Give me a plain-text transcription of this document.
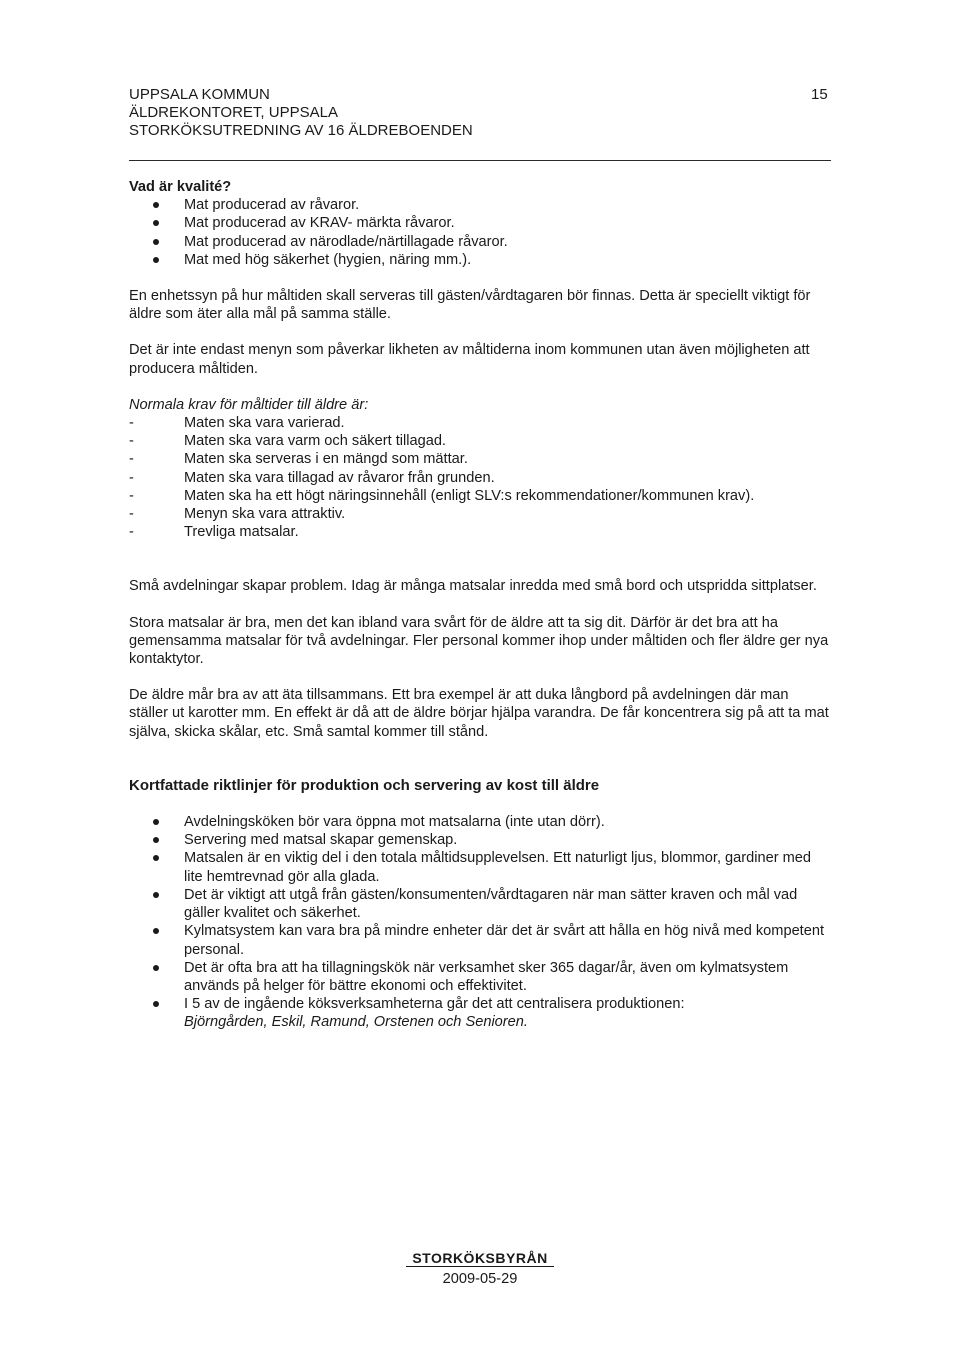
UPPSALA KOMMUN
ÄLDREKONTORET, UPPSALA
STORKÖKSUTREDNING AV 16 ÄLDREBOENDEN
15

Vad är kvalité?

Mat producerad av råvaror.
Mat producerad av KRAV- märkta råvaror.
Mat producerad av närodlade/närtillagade råvaror.
Mat med hög säkerhet (hygien, näring mm.).

En enhetssyn på hur måltiden skall serveras till gästen/vårdtagaren bör finnas. Detta är speciellt viktigt för äldre som äter alla mål på samma ställe.

Det är inte endast menyn som påverkar likheten av måltiderna inom kommunen utan även möjligheten att producera måltiden.

Normala krav för måltider till äldre är:

-	Maten ska vara varierad.
-	Maten ska vara varm och säkert tillagad.
-	Maten ska serveras i en mängd som mättar.
-	Maten ska vara tillagad av råvaror från grunden.
-	Maten ska ha ett högt näringsinnehåll (enligt SLV:s rekommendationer/kommunen krav).
-	Menyn ska vara attraktiv.
-	Trevliga matsalar.

Små avdelningar skapar problem. Idag är många matsalar inredda med små bord och utspridda sittplatser.

Stora matsalar är bra, men det kan ibland vara svårt för de äldre att ta sig dit. Därför är det bra att ha gemensamma matsalar för två avdelningar. Fler personal kommer ihop under måltiden och fler äldre ger nya kontaktytor.

De äldre mår bra av att äta tillsammans. Ett bra exempel är att duka långbord på avdelningen där man ställer ut karotter mm. En effekt är då att de äldre börjar hjälpa varandra. De får koncentrera sig på att ta mat själva, skicka skålar, etc. Små samtal kommer till stånd.

Kortfattade riktlinjer för produktion och servering av kost till äldre

Avdelningsköken bör vara öppna mot matsalarna (inte utan dörr).
Servering med matsal skapar gemenskap.
Matsalen är en viktig del i den totala måltidsupplevelsen. Ett naturligt ljus, blommor, gardiner med lite hemtrevnad gör alla glada.
Det är viktigt att utgå från gästen/konsumenten/vårdtagaren när man sätter kraven och mål vad gäller kvalitet och säkerhet.
Kylmatsystem kan vara bra på mindre enheter där det är svårt att hålla en hög nivå med kompetent personal.
Det är ofta bra att ha tillagningskök när verksamhet sker 365 dagar/år, även om kylmatsystem används på helger för bättre ekonomi och effektivitet.
I 5 av de ingående köksverksamheterna går det att centralisera produktionen:
Björngården, Eskil, Ramund, Orstenen och Senioren.
STORKÖKSBYRÅN
2009-05-29
